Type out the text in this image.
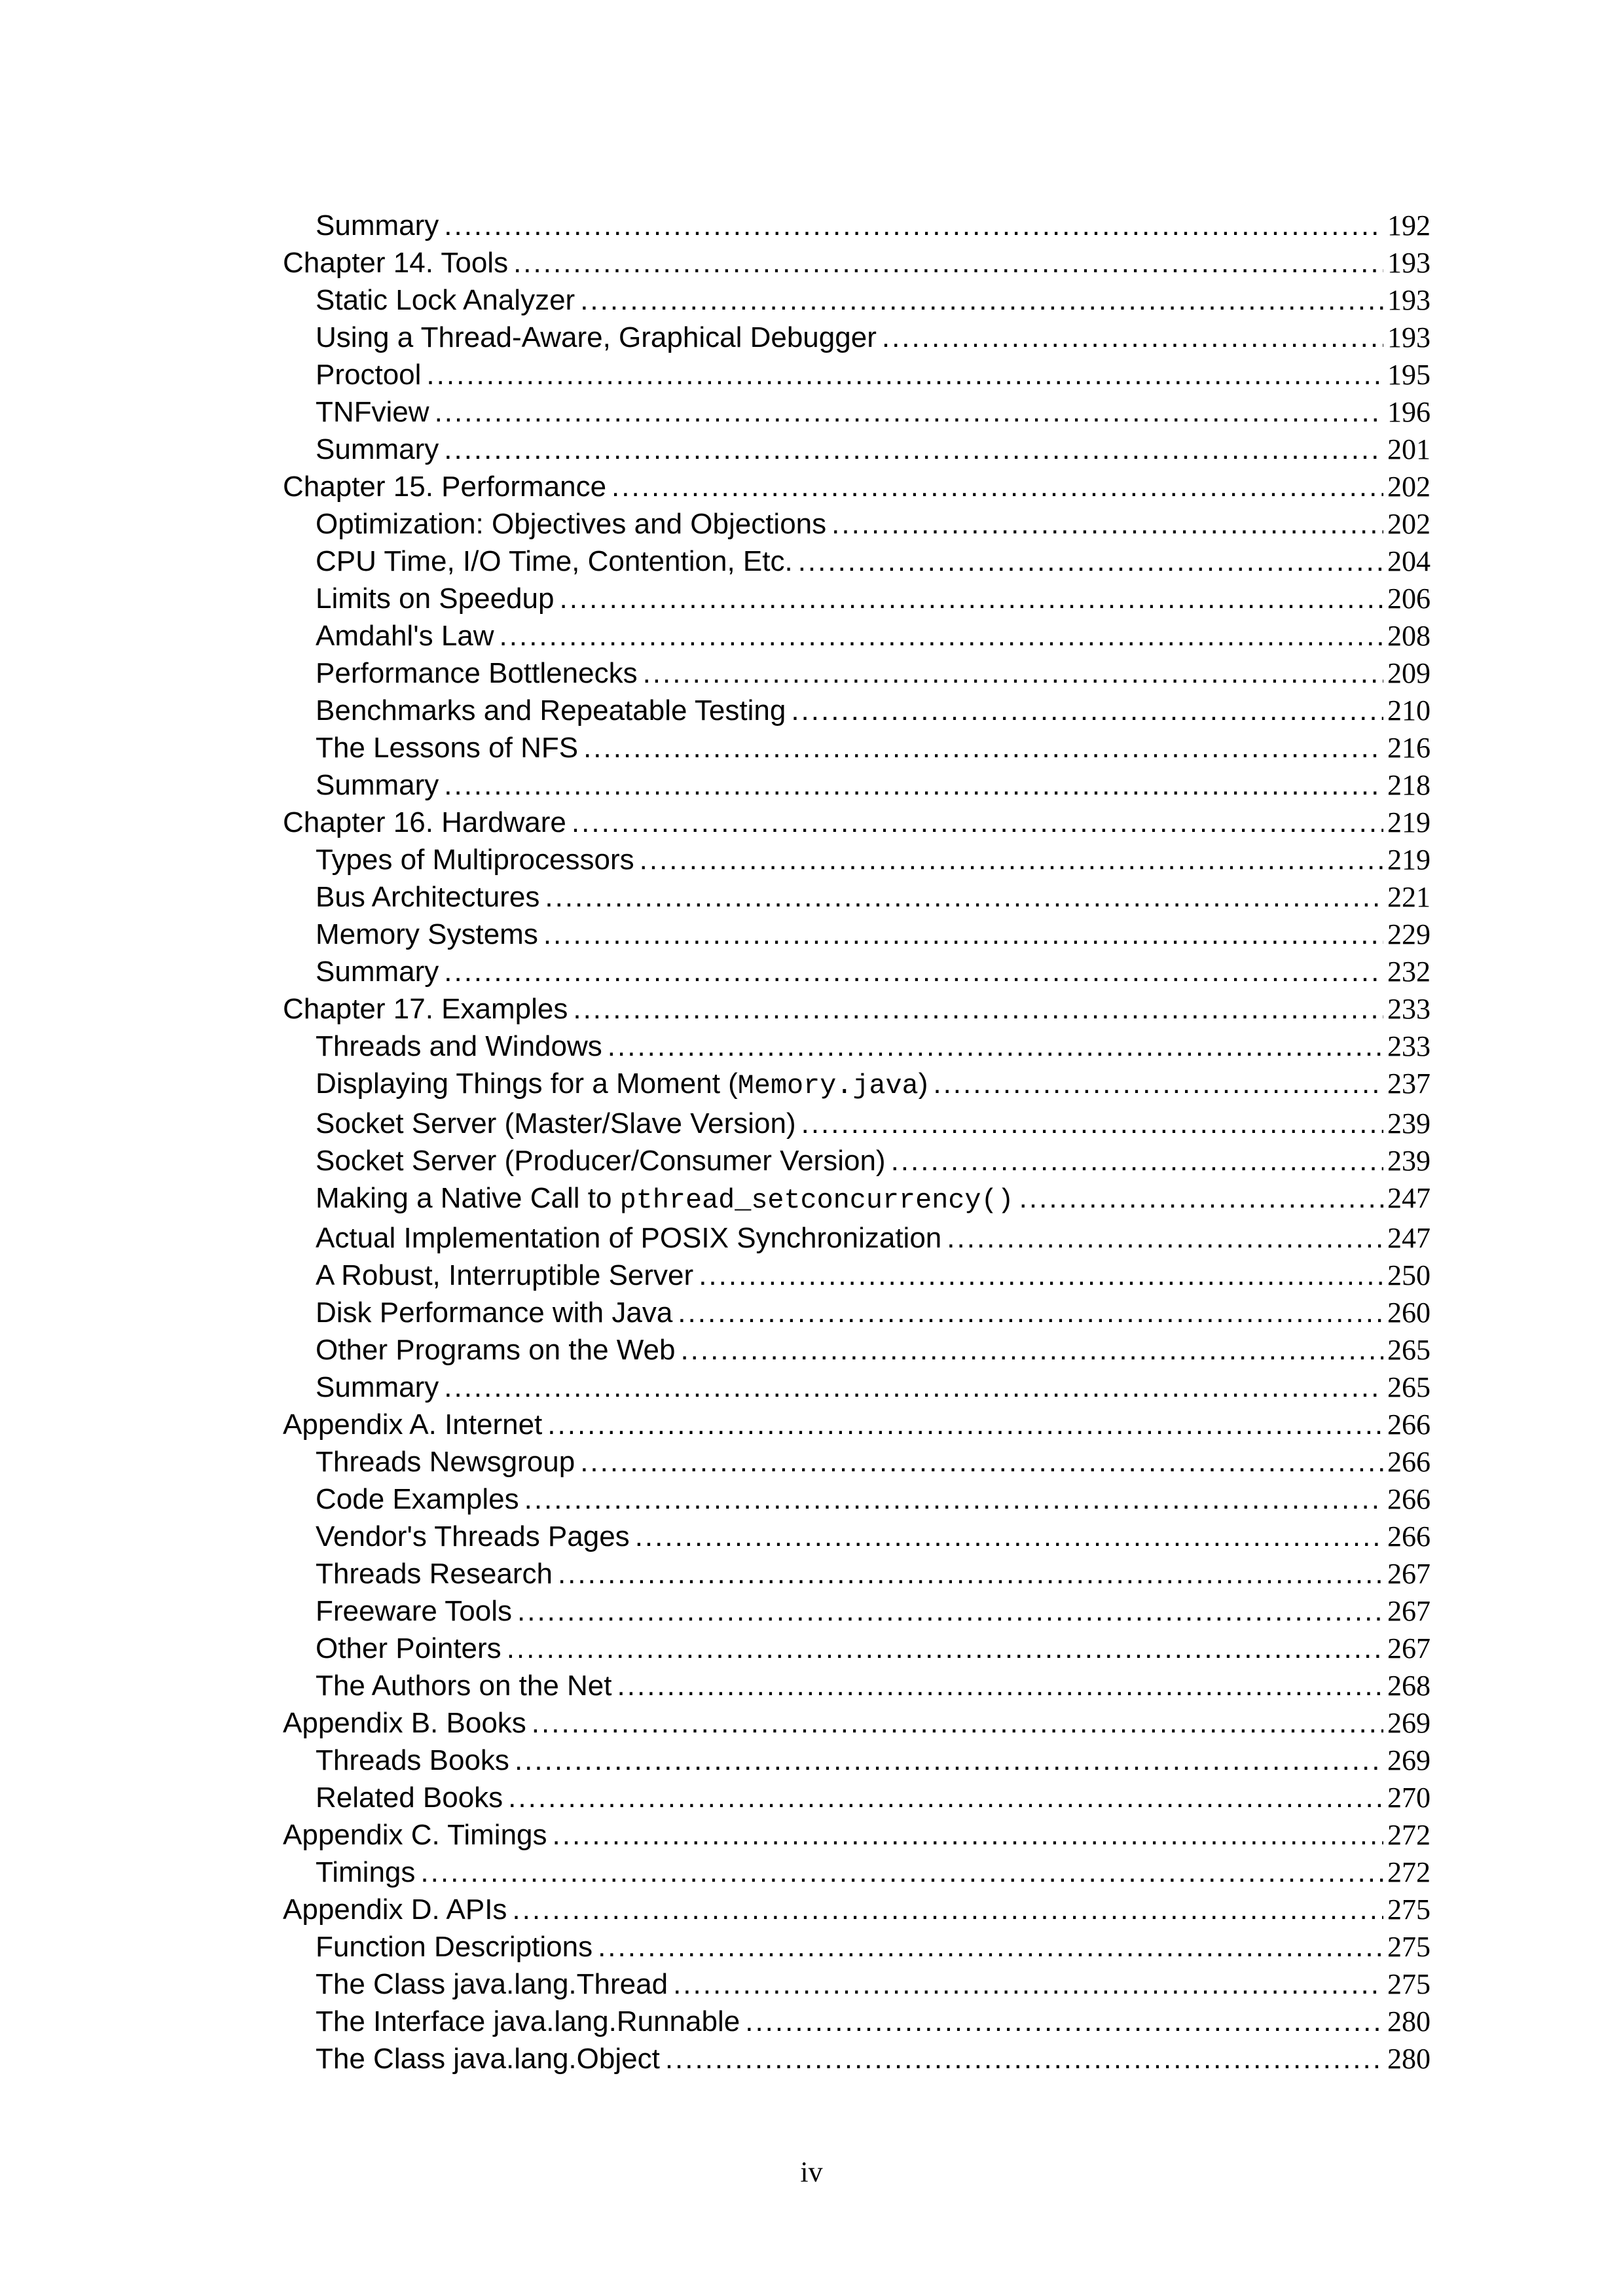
Summary .....	192
Chapter 14. Tools .....	193
Static Lock Analyzer .....	193
Using a Thread-Aware, Graphical Debugger .....	193
Proctool .....	195
TNFview .....	196
Summary .....	201
Chapter 15. Performance .....	202
Optimization: Objectives and Objections .....	202
CPU Time, I/O Time, Contention, Etc. .....	204
Limits on Speedup .....	206
Amdahl's Law .....	208
Performance Bottlenecks .....	209
Benchmarks and Repeatable Testing .....	210
The Lessons of NFS .....	216
Summary .....	218
Chapter 16. Hardware .....	219
Types of Multiprocessors .....	219
Bus Architectures .....	221
Memory Systems .....	229
Summary .....	232
Chapter 17. Examples .....	233
Threads and Windows .....	233
Displaying Things for a Moment (Memory.java) .....	237
Socket Server (Master/Slave Version) .....	239
Socket Server (Producer/Consumer Version) .....	239
Making a Native Call to pthread_setconcurrency() .....	247
Actual Implementation of POSIX Synchronization .....	247
A Robust, Interruptible Server .....	250
Disk Performance with Java .....	260
Other Programs on the Web .....	265
Summary .....	265
Appendix A. Internet .....	266
Threads Newsgroup .....	266
Code Examples .....	266
Vendor's Threads Pages .....	266
Threads Research .....	267
Freeware Tools .....	267
Other Pointers .....	267
The Authors on the Net .....	268
Appendix B. Books .....	269
Threads Books .....	269
Related Books .....	270
Appendix C. Timings .....	272
Timings .....	272
Appendix D. APIs .....	275
Function Descriptions .....	275
The Class java.lang.Thread .....	275
The Interface java.lang.Runnable .....	280
The Class java.lang.Object .....	280
iv
